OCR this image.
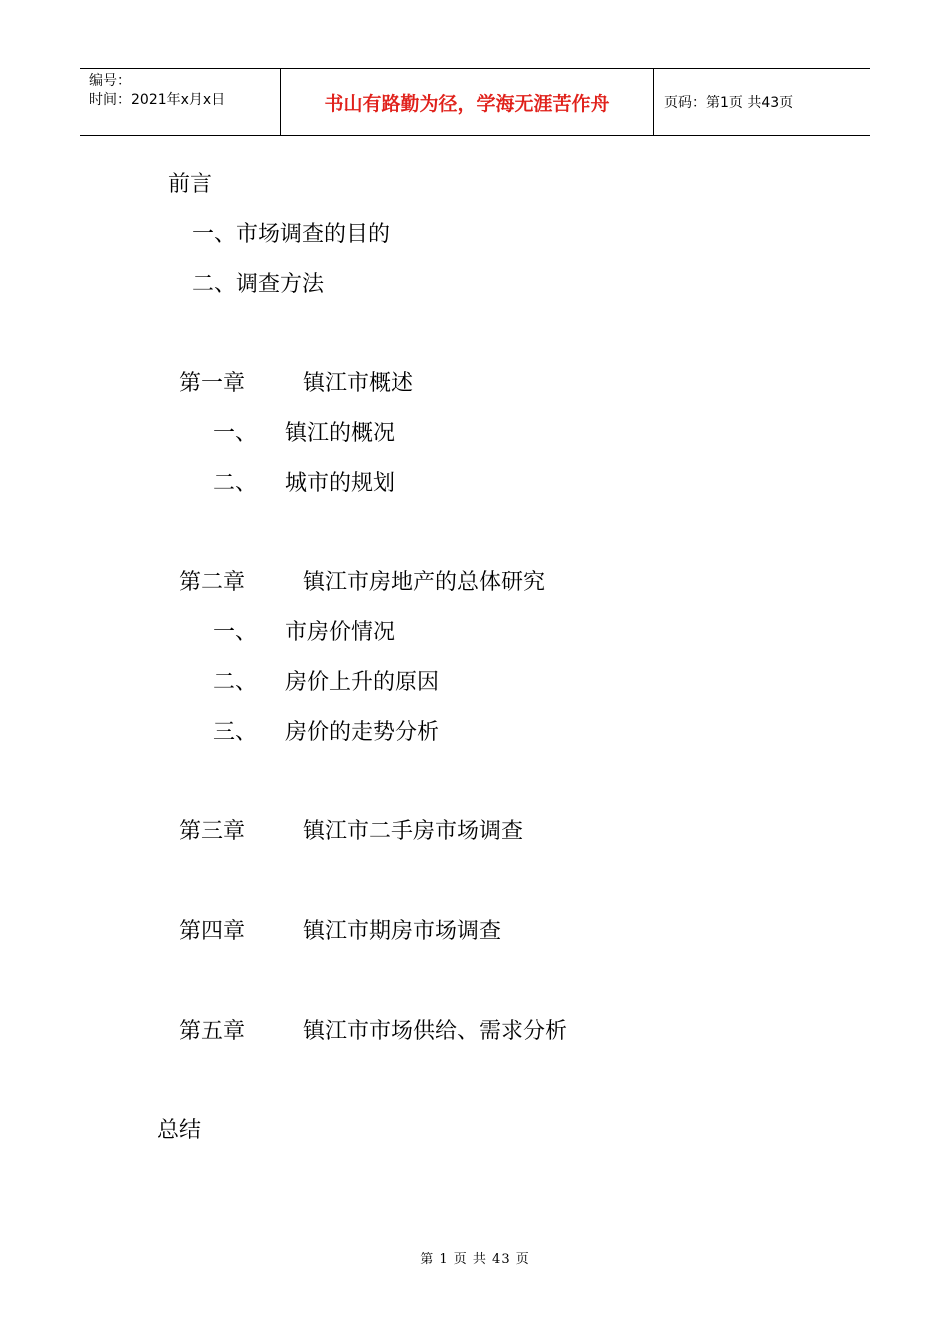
编号：
时间：2021年x月x日	书山有路勤为径，学海无涯苦作舟	页码：第1页 共43页
前言
一、市场调查的目的
二、调查方法
第一章	镇江市概述
一、 镇江的概况
二、 城市的规划
第二章	镇江市房地产的总体研究
一、 市房价情况
二、 房价上升的原因
三、 房价的走势分析
第三章	镇江市二手房市场调查
第四章	镇江市期房市场调查
第五章	镇江市市场供给、需求分析
总结
第 1 页 共 43 页
